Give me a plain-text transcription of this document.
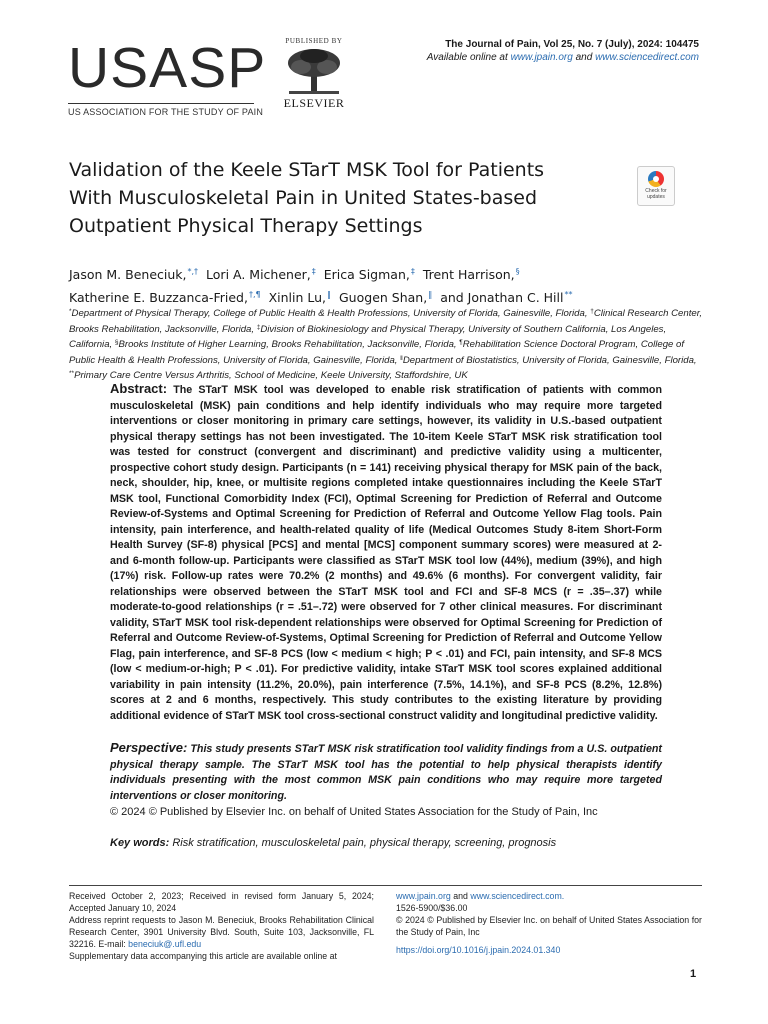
USASP
US ASSOCIATION FOR THE STUDY OF PAIN
PUBLISHED BY
ELSEVIER
The Journal of Pain, Vol 25, No. 7 (July), 2024: 104475
Available online at www.jpain.org and www.sciencedirect.com
Validation of the Keele STarT MSK Tool for Patients
With Musculoskeletal Pain in United States-based
Outpatient Physical Therapy Settings
Check for
updates
Jason M. Beneciuk,*,† Lori A. Michener,‡ Erica Sigman,‡ Trent Harrison,§
Katherine E. Buzzanca-Fried,†,¶ Xinlin Lu,‖ Guogen Shan,‖ and Jonathan C. Hill**
*Department of Physical Therapy, College of Public Health & Health Professions, University of Florida, Gainesville, Florida, †Clinical Research Center, Brooks Rehabilitation, Jacksonville, Florida, ‡Division of Biokinesiology and Physical Therapy, University of Southern California, Los Angeles, California, §Brooks Institute of Higher Learning, Brooks Rehabilitation, Jacksonville, Florida, ¶Rehabilitation Science Doctoral Program, College of Public Health & Health Professions, University of Florida, Gainesville, Florida, ‖Department of Biostatistics, University of Florida, Gainesville, Florida, **Primary Care Centre Versus Arthritis, School of Medicine, Keele University, Staffordshire, UK
Abstract: The STarT MSK tool was developed to enable risk stratification of patients with common musculoskeletal (MSK) pain conditions and help identify individuals who may require more targeted interventions or closer monitoring in primary care settings, however, its validity in U.S.-based outpatient physical therapy settings has not been investigated. The 10-item Keele STarT MSK risk stratification tool was tested for construct (convergent and discriminant) and predictive validity using a multicenter, prospective cohort study design. Participants (n = 141) receiving physical therapy for MSK pain of the back, neck, shoulder, hip, knee, or multisite regions completed intake questionnaires including the Keele STarT MSK tool, Functional Comorbidity Index (FCI), Optimal Screening for Prediction of Referral and Outcome Review-of-Systems and Optimal Screening for Prediction of Referral and Outcome Yellow Flag tools. Pain intensity, pain interference, and health-related quality of life (Medical Outcomes Study 8-item Short-Form Health Survey (SF-8) physical [PCS] and mental [MCS] component summary scores) were measured at 2- and 6-month follow-up. Participants were classified as STarT MSK tool low (44%), medium (39%), and high (17%) risk. Follow-up rates were 70.2% (2 months) and 49.6% (6 months). For convergent validity, fair relationships were observed between the STarT MSK tool and FCI and SF-8 MCS (r = .35–.37) while moderate-to-good relationships (r = .51–.72) were observed for 7 other clinical measures. For discriminant validity, STarT MSK tool risk-dependent relationships were observed for Optimal Screening for Prediction of Referral and Outcome Review-of-Systems, Optimal Screening for Prediction of Referral and Outcome Yellow Flag, pain interference, and SF-8 PCS (low < medium < high; P < .01) and FCI, pain intensity, and SF-8 MCS (low < medium-or-high; P < .01). For predictive validity, intake STarT MSK tool scores explained additional variability in pain intensity (11.2%, 20.0%), pain interference (7.5%, 14.1%), and SF-8 PCS (8.2%, 12.8%) scores at 2 and 6 months, respectively. This study contributes to the existing literature by providing additional evidence of STarT MSK tool cross-sectional construct validity and longitudinal predictive validity.
Perspective: This study presents STarT MSK risk stratification tool validity findings from a U.S. outpatient physical therapy sample. The STarT MSK tool has the potential to help physical therapists identify individuals presenting with the most common MSK pain conditions who may require more targeted interventions or closer monitoring.
© 2024 © Published by Elsevier Inc. on behalf of United States Association for the Study of Pain, Inc
Key words: Risk stratification, musculoskeletal pain, physical therapy, screening, prognosis
Received October 2, 2023; Received in revised form January 5, 2024; Accepted January 10, 2024
Address reprint requests to Jason M. Beneciuk, Brooks Rehabilitation Clinical Research Center, 3901 University Blvd. South, Suite 103, Jacksonville, FL 32216. E-mail: beneciuk@.ufl.edu
Supplementary data accompanying this article are available online at
www.jpain.org and www.sciencedirect.com.
1526-5900/$36.00
© 2024 © Published by Elsevier Inc. on behalf of United States Association for the Study of Pain, Inc
https://doi.org/10.1016/j.jpain.2024.01.340
1
